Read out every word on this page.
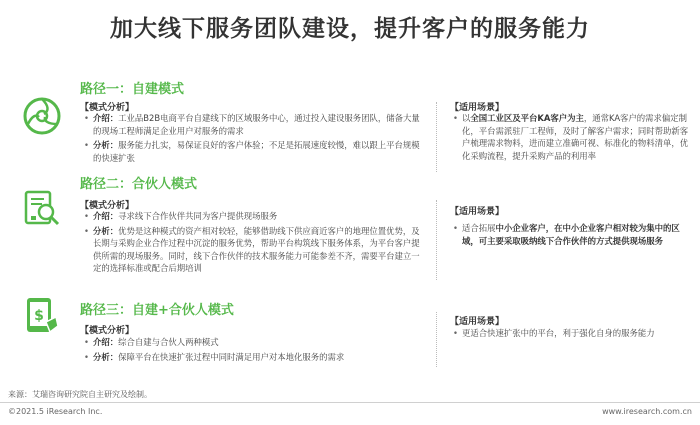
加大线下服务团队建设，提升客户的服务能力
路径一：自建模式
【模式分析】
• 介绍：工业品B2B电商平台自建线下的区域服务中心，通过投入建设服务团队，储备大量的现场工程师满足企业用户对服务的需求
• 分析：服务能力扎实，易保证良好的客户体验；不足是拓展速度较慢，难以跟上平台规模的快速扩张
【适用场景】
• 以全国工业区及平台KA客户为主，通常KA客户的需求偏定制化，平台需派驻厂工程师，及时了解客户需求；同时帮助新客户梳理需求物料，进而建立准确可视、标准化的物料清单，优化采购流程，提升采购产品的利用率
路径二：合伙人模式
【模式分析】
• 介绍：寻求线下合作伙伴共同为客户提供现场服务
• 分析：优势是这种模式的资产相对较轻，能够借助线下供应商近客户的地理位置优势，及长期与采购企业合作过程中沉淀的服务优势，帮助平台构筑线下服务体系，为平台客户提供所需的现场服务。同时，线下合作伙伴的技术服务能力可能参差不齐，需要平台建立一定的选择标准或配合后期培训
【适用场景】
• 适合拓展中小企业客户，在中小企业客户相对较为集中的区域，可主要采取吸纳线下合作伙伴的方式提供现场服务
$	路径三：自建+合伙人模式
【模式分析】
• 介绍：综合自建与合伙人两种模式
• 分析：保障平台在快速扩张过程中同时满足用户对本地化服务的需求
【适用场景】
• 更适合快速扩张中的平台，利于强化自身的服务能力
来源：艾瑞咨询研究院自主研究及绘制。
©2021.5 iResearch Inc.	www.iresearch.com.cn
